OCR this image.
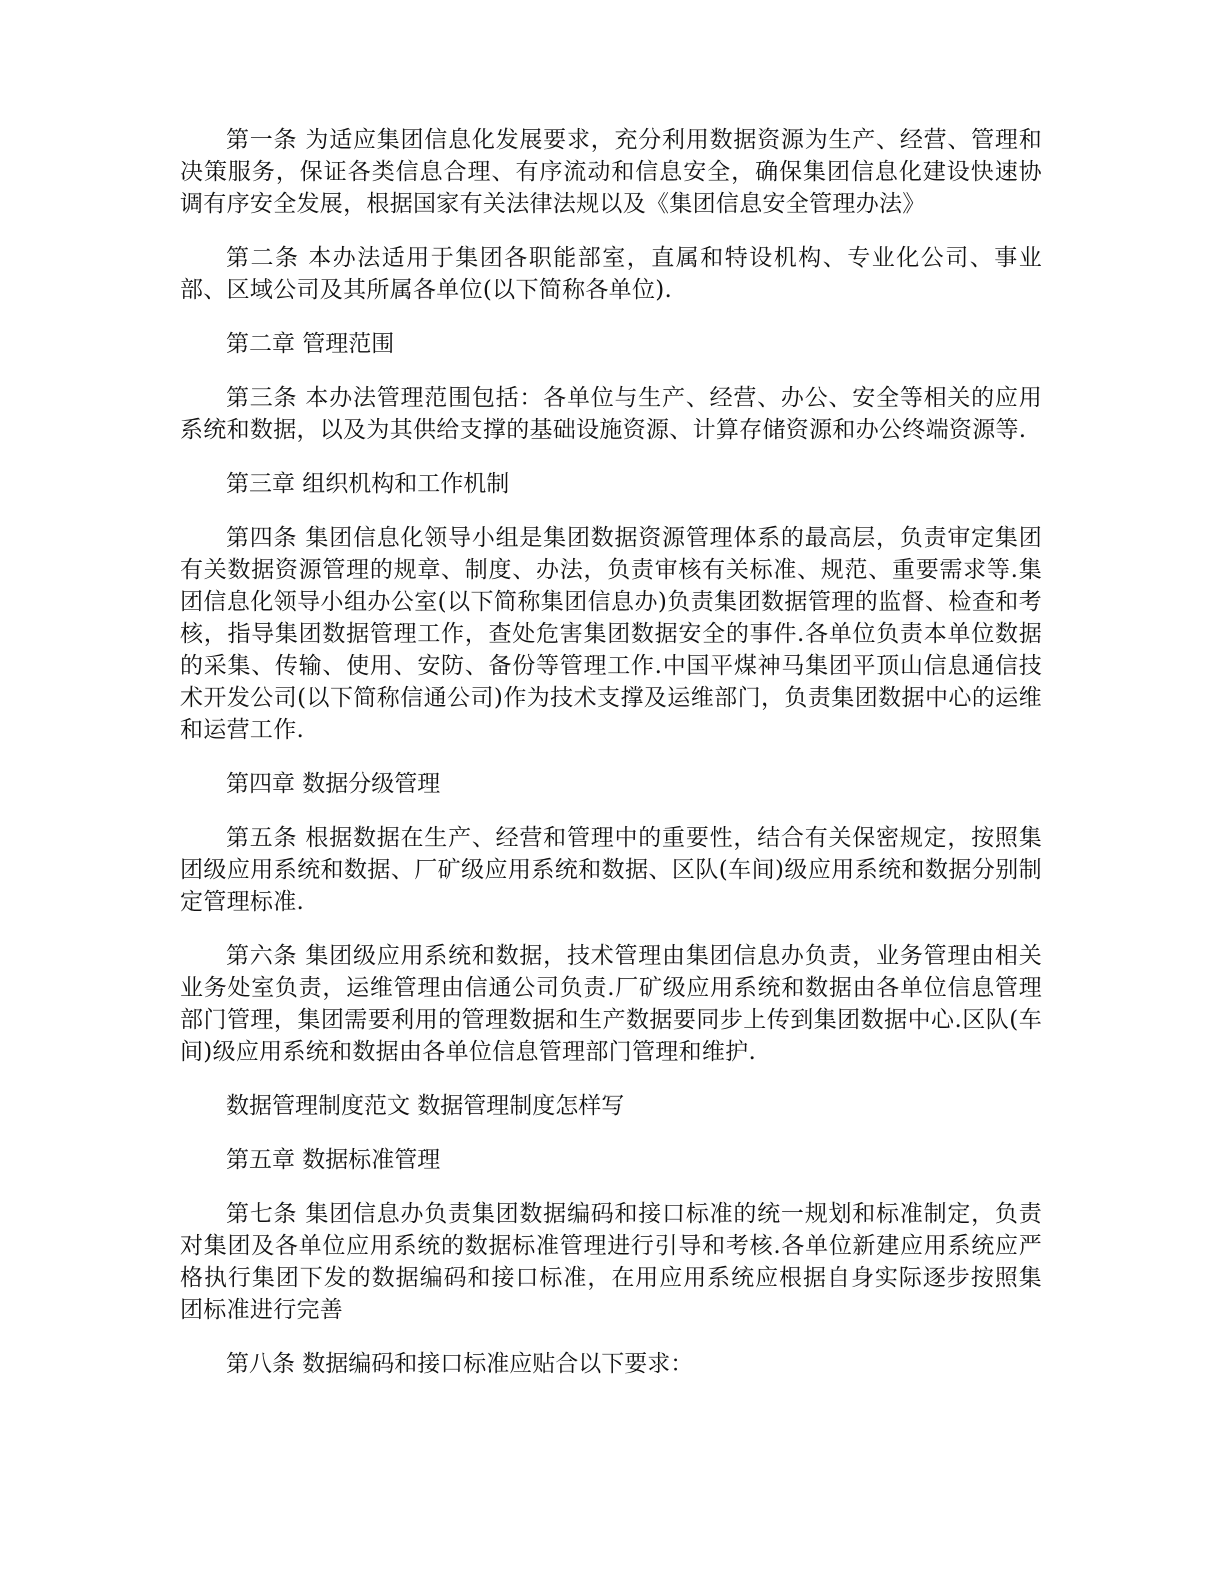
第一条 为适应集团信息化发展要求，充分利用数据资源为生产、经营、管理和决策服务，保证各类信息合理、有序流动和信息安全，确保集团信息化建设快速协调有序安全发展，根据国家有关法律法规以及《集团信息安全管理办法》

第二条 本办法适用于集团各职能部室，直属和特设机构、专业化公司、事业部、区域公司及其所属各单位(以下简称各单位).

第二章 管理范围

第三条 本办法管理范围包括：各单位与生产、经营、办公、安全等相关的应用系统和数据，以及为其供给支撑的基础设施资源、计算存储资源和办公终端资源等.

第三章 组织机构和工作机制

第四条 集团信息化领导小组是集团数据资源管理体系的最高层，负责审定集团有关数据资源管理的规章、制度、办法，负责审核有关标准、规范、重要需求等.集团信息化领导小组办公室(以下简称集团信息办)负责集团数据管理的监督、检查和考核，指导集团数据管理工作，查处危害集团数据安全的事件.各单位负责本单位数据的采集、传输、使用、安防、备份等管理工作.中国平煤神马集团平顶山信息通信技术开发公司(以下简称信通公司)作为技术支撑及运维部门，负责集团数据中心的运维和运营工作.

第四章 数据分级管理

第五条 根据数据在生产、经营和管理中的重要性，结合有关保密规定，按照集团级应用系统和数据、厂矿级应用系统和数据、区队(车间)级应用系统和数据分别制定管理标准.

第六条 集团级应用系统和数据，技术管理由集团信息办负责，业务管理由相关业务处室负责，运维管理由信通公司负责.厂矿级应用系统和数据由各单位信息管理部门管理，集团需要利用的管理数据和生产数据要同步上传到集团数据中心.区队(车间)级应用系统和数据由各单位信息管理部门管理和维护.

数据管理制度范文 数据管理制度怎样写

第五章 数据标准管理

第七条 集团信息办负责集团数据编码和接口标准的统一规划和标准制定，负责对集团及各单位应用系统的数据标准管理进行引导和考核.各单位新建应用系统应严格执行集团下发的数据编码和接口标准，在用应用系统应根据自身实际逐步按照集团标准进行完善

第八条 数据编码和接口标准应贴合以下要求：
